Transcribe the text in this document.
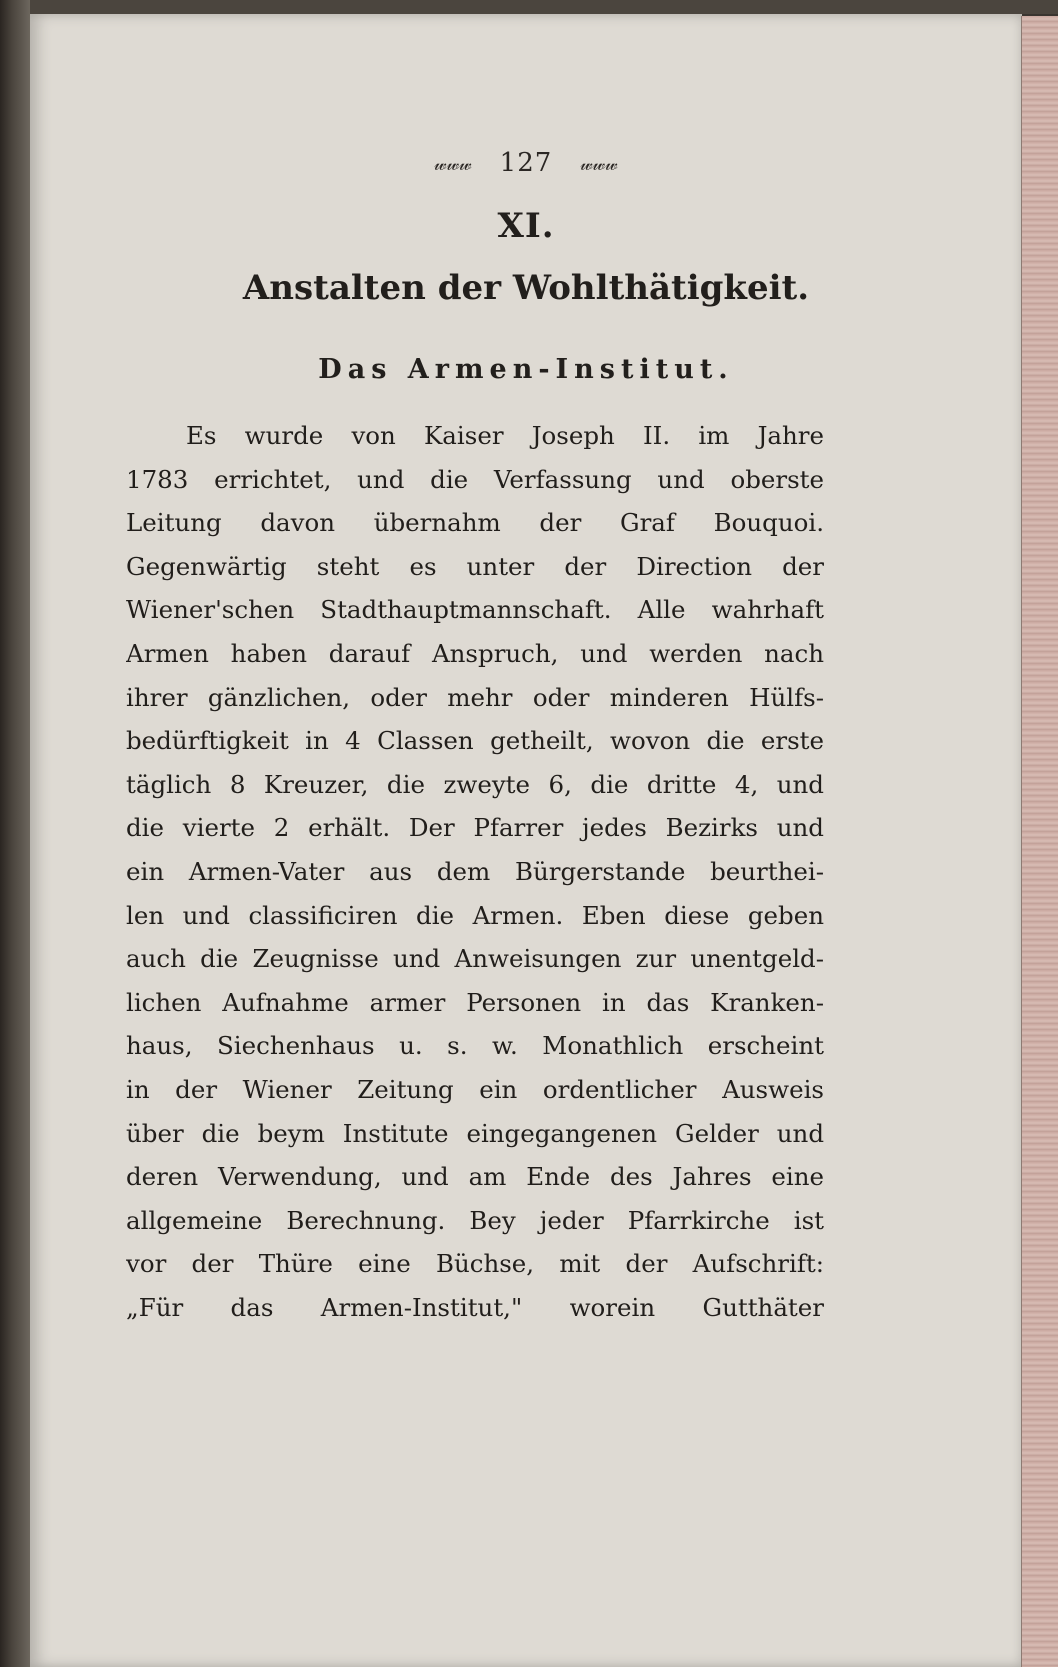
𝓌𝓌𝓌 127 𝓌𝓌𝓌
XI.
Anstalten der Wohlthätigkeit.
Das Armen-Institut.
Es wurde von Kaiser Joseph II. im Jahre
1783 errichtet, und die Verfassung und oberste
Leitung davon übernahm der Graf Bouquoi.
Gegenwärtig steht es unter der Direction der
Wiener'schen Stadthauptmannschaft. Alle wahrhaft
Armen haben darauf Anspruch, und werden nach
ihrer gänzlichen, oder mehr oder minderen Hülfs-
bedürftigkeit in 4 Classen getheilt, wovon die erste
täglich 8 Kreuzer, die zweyte 6, die dritte 4, und
die vierte 2 erhält. Der Pfarrer jedes Bezirks und
ein Armen-Vater aus dem Bürgerstande beurthei-
len und classificiren die Armen. Eben diese geben
auch die Zeugnisse und Anweisungen zur unentgeld-
lichen Aufnahme armer Personen in das Kranken-
haus, Siechenhaus u. s. w. Monathlich erscheint
in der Wiener Zeitung ein ordentlicher Ausweis
über die beym Institute eingegangenen Gelder und
deren Verwendung, und am Ende des Jahres eine
allgemeine Berechnung. Bey jeder Pfarrkirche ist
vor der Thüre eine Büchse, mit der Aufschrift:
„Für das Armen-Institut," worein Gutthäter
